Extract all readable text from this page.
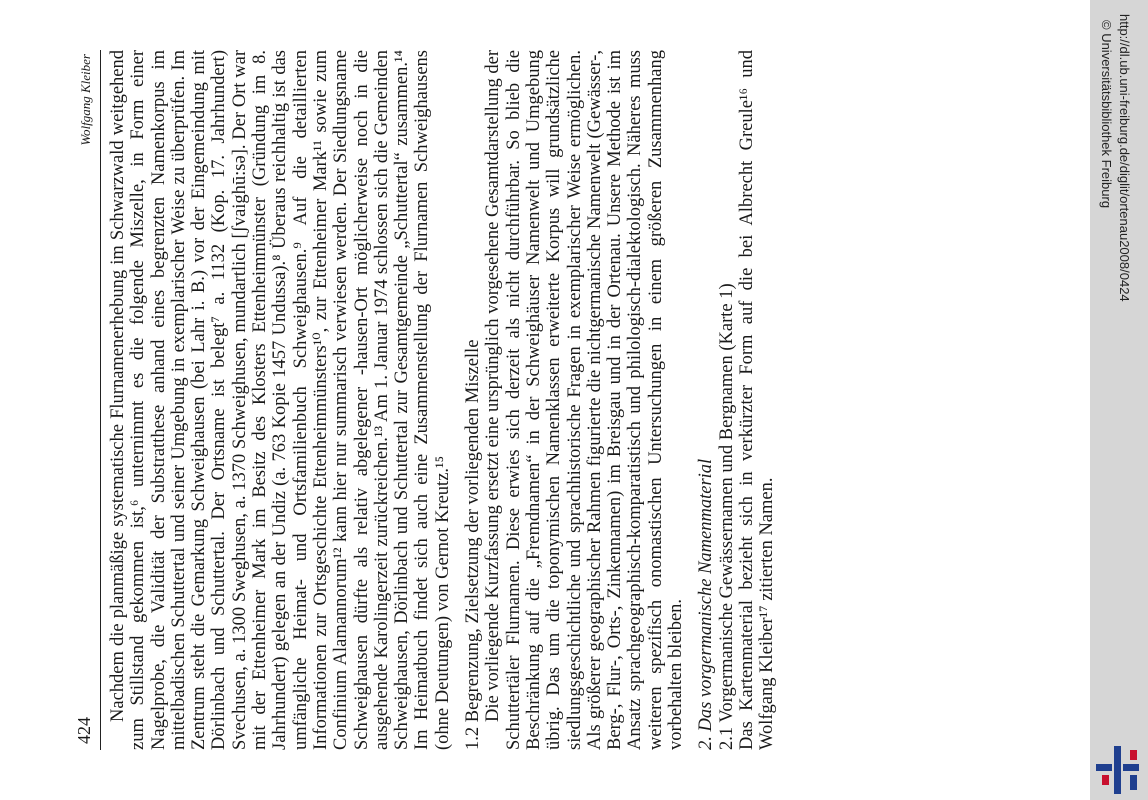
424
Wolfgang Kleiber Nachdem die planmäßige systematische Flurnamenerhebung im Schwarzwald weitgehend zum Stillstand gekommen ist,⁶ unternimmt es die folgende Miszelle, in Form einer Nagelprobe, die Validität der Substratthese anhand eines begrenzten Namenkorpus im mittelbadischen Schuttertal und seiner Umgebung in exemplarischer Weise zu überprüfen. Im Zentrum steht die Gemarkung Schweighausen (bei Lahr i. B.) vor der Eingemeindung mit Dörlinbach und Schuttertal. Der Ortsname ist belegt⁷ a. 1132 (Kop. 17. Jahrhundert) Svechusen, a. 1300 Sweghusen, a. 1370 Schweighusen, mundartlich [ʃvaighū:sә]. Der Ort war mit der Ettenheimer Mark im Besitz des Klosters Ettenheimmünster (Gründung im 8. Jahrhundert) gelegen an der Undiz (a. 763 Kopie 1457 Undussa).⁸ Überaus reichhaltig ist das umfängliche Heimat- und Ortsfamilienbuch Schweighausen.⁹ Auf die detaillierten Informationen zur Ortsgeschichte Ettenheimmünsters¹⁰, zur Ettenheimer Mark¹¹ sowie zum Confinium Alamannorum¹² kann hier nur summarisch verwiesen werden. Der Siedlungsname Schweighausen dürfte als relativ abgelegener -hausen-Ort möglicherweise noch in die ausgehende Karolingerzeit zurückreichen.¹³ Am 1. Januar 1974 schlossen sich die Gemeinden Schweighausen, Dörlinbach und Schuttertal zur Gesamtgemeinde „Schuttertal“ zusammen.¹⁴ Im Heimatbuch findet sich auch eine Zusammenstellung der Flurnamen Schweighausens (ohne Deutungen) von Gernot Kreutz.¹⁵ 1.2 Begrenzung, Zielsetzung der vorliegenden Miszelle Die vorliegende Kurzfassung ersetzt eine ursprünglich vorgesehene Gesamtdarstellung der Schuttertäler Flurnamen. Diese erwies sich derzeit als nicht durchführbar. So blieb die Beschränkung auf die „Fremdnamen“ in der Schweighäuser Namenwelt und Umgebung übrig. Das um die toponymischen Namenklassen erweiterte Korpus will grundsätzliche siedlungsgeschichtliche und sprachhistorische Fragen in exemplarischer Weise ermöglichen. Als größerer geographischer Rahmen figurierte die nichtgermanische Namenwelt (Gewässer-, Berg-, Flur-, Orts-, Zinkennamen) im Breisgau und in der Ortenau. Unsere Methode ist im Ansatz sprachgeographisch-komparatistisch und philologisch-dialektologisch. Näheres muss weiteren spezifisch onomastischen Untersuchungen in einem größeren Zusammenhang vorbehalten bleiben. 2. Das vorgermanische Namenmaterial 2.1 Vorgermanische Gewässernamen und Bergnamen (Karte 1) Das Kartenmaterial bezieht sich in verkürzter Form auf die bei Albrecht Greule¹⁶ und Wolfgang Kleiber¹⁷ zitierten Namen.

http://dl.ub.uni-freiburg.de/diglit/ortenau2008/0424
© Universitätsbibliothek Freiburg
